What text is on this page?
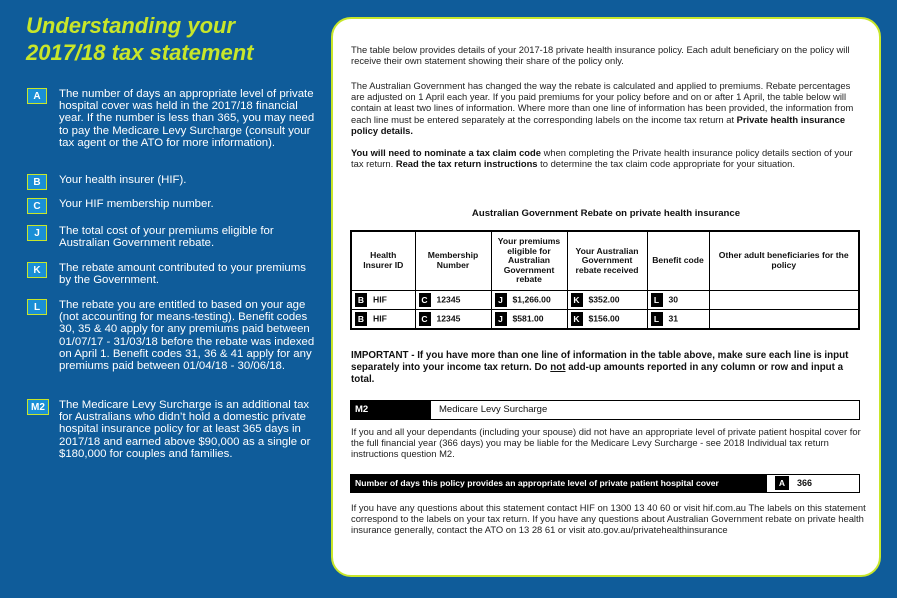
Understanding your
2017/18 tax statement
A	The number of days an appropriate level of private hospital cover was held in the 2017/18 financial year. If the number is less than 365, you may need to pay the Medicare Levy Surcharge (consult your tax agent or the ATO for more information).
B	Your health insurer (HIF).
C	Your HIF membership number.
J	The total cost of your premiums eligible for Australian Government rebate.
K	The rebate amount contributed to your premiums by the Government.
L	The rebate you are entitled to based on your age (not accounting for means-testing). Benefit codes 30, 35 & 40 apply for any premiums paid between 01/07/17 - 31/03/18 before the rebate was indexed on April 1. Benefit codes 31, 36 & 41 apply for any premiums paid between 01/04/18 - 30/06/18.
M2	The Medicare Levy Surcharge is an additional tax for Australians who didn’t hold a domestic private hospital insurance policy for at least 365 days in 2017/18 and earned above $90,000 as a single or $180,000 for couples and families.

The table below provides details of your 2017-18 private health insurance policy. Each adult beneficiary on the policy will receive their own statement showing their share of the policy only.

The Australian Government has changed the way the rebate is calculated and applied to premiums. Rebate percentages are adjusted on 1 April each year. If you paid premiums for your policy before and on or after 1 April, the table below will contain at least two lines of information. Where more than one line of information has been provided, the information from each line must be entered separately at the corresponding labels on the income tax return at Private health insurance policy details.

You will need to nominate a tax claim code when completing the Private health insurance policy details section of your tax return. Read the tax return instructions to determine the tax claim code appropriate for your situation.

Australian Government Rebate on private health insurance
Health Insurer ID	Membership Number	Your premiums eligible for Australian Government rebate	Your Australian Government rebate received	Benefit code	Other adult beneficiaries for the policy
B HIF	C 12345	J $1,266.00	K $352.00	L 30	
B HIF	C 12345	J $581.00	K $156.00	L 31	

IMPORTANT - If you have more than one line of information in the table above, make sure each line is input separately into your income tax return. Do not add-up amounts reported in any column or row and input a total.

M2	Medicare Levy Surcharge

If you and all your dependants (including your spouse) did not have an appropriate level of private patient hospital cover for the full financial year (366 days) you may be liable for the Medicare Levy Surcharge - see 2018 Individual tax return instructions question M2.

Number of days this policy provides an appropriate level of private patient hospital cover	A	366

If you have any questions about this statement contact HIF on 1300 13 40 60 or visit hif.com.au The labels on this statement correspond to the labels on your tax return. If you have any questions about Australian Government rebate on private health insurance generally, contact the ATO on 13 28 61 or visit ato.gov.au/privatehealthinsurance
